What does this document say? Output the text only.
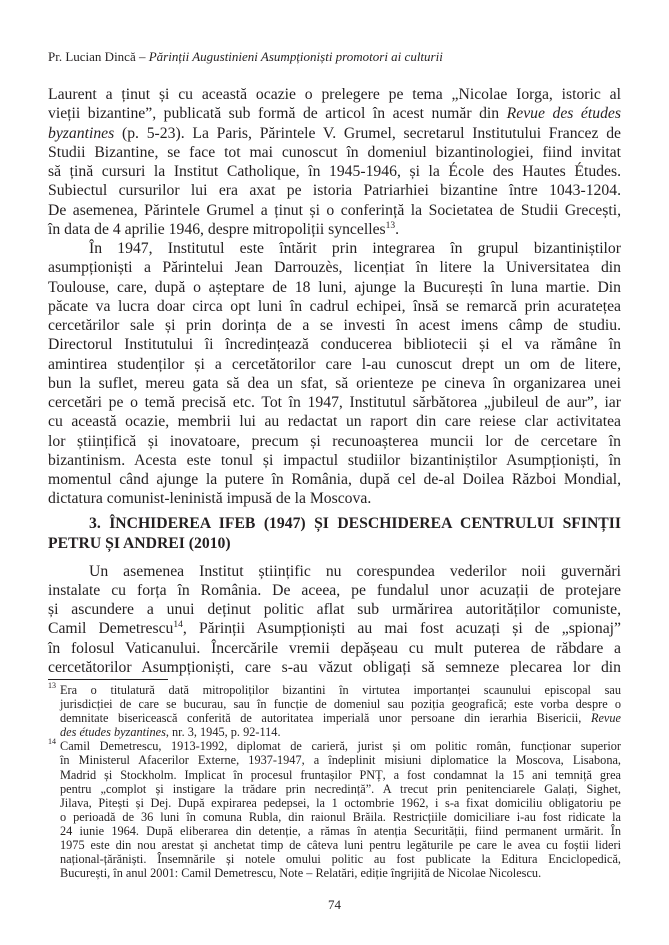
Pr. Lucian Dincă – Părinții Augustinieni Asumpționiști promotori ai culturii
Laurent a ținut și cu această ocazie o prelegere pe tema „Nicolae Iorga, istoric al
vieții bizantine”, publicată sub formă de articol în acest număr din Revue des études
byzantines (p. 5-23). La Paris, Părintele V. Grumel, secretarul Institutului Francez de
Studii Bizantine, se face tot mai cunoscut în domeniul bizantinologiei, fiind invitat
să țină cursuri la Institut Catholique, în 1945-1946, și la École des Hautes Études.
Subiectul cursurilor lui era axat pe istoria Patriarhiei bizantine între 1043-1204.
De asemenea, Părintele Grumel a ținut și o conferință la Societatea de Studii Grecești,
în data de 4 aprilie 1946, despre mitropoliții syncelles$^{13}$.
În 1947, Institutul este întărit prin integrarea în grupul bizantiniștilor
asumpționiști a Părintelui Jean Darrouzès, licențiat în litere la Universitatea din
Toulouse, care, după o așteptare de 18 luni, ajunge la București în luna martie. Din
păcate va lucra doar circa opt luni în cadrul echipei, însă se remarcă prin acuratețea
cercetărilor sale și prin dorința de a se investi în acest imens câmp de studiu.
Directorul Institutului îi încredințează conducerea bibliotecii și el va rămâne în
amintirea studenților și a cercetătorilor care l-au cunoscut drept un om de litere,
bun la suflet, mereu gata să dea un sfat, să orienteze pe cineva în organizarea unei
cercetări pe o temă precisă etc. Tot în 1947, Institutul sărbătorea „jubileul de aur”, iar
cu această ocazie, membrii lui au redactat un raport din care reiese clar activitatea
lor științifică și inovatoare, precum și recunoașterea muncii lor de cercetare în
bizantinism. Acesta este tonul și impactul studiilor bizantiniștilor Asumpționiști, în
momentul când ajunge la putere în România, după cel de-al Doilea Război Mondial,
dictatura comunist-leninistă impusă de la Moscova.
3. ÎNCHIDEREA IFEB (1947) ȘI DESCHIDEREA CENTRULUI SFINȚII
PETRU ȘI ANDREI (2010)
Un asemenea Institut științific nu corespundea vederilor noii guvernări
instalate cu forța în România. De aceea, pe fundalul unor acuzații de protejare
și ascundere a unui deținut politic aflat sub urmărirea autorităților comuniste,
Camil Demetrescu$^{14}$, Părinții Asumpționiști au mai fost acuzați și de „spionaj”
în folosul Vaticanului. Încercările vremii depășeau cu mult puterea de răbdare a
cercetătorilor Asumpționiști, care s-au văzut obligați să semneze plecarea lor din
13 Era o titulatură dată mitropoliților bizantini în virtutea importanței scaunului episcopal sau
jurisdicției de care se bucurau, sau în funcție de domeniul sau poziția geografică; este vorba despre o
demnitate bisericească conferită de autoritatea imperială unor persoane din ierarhia Bisericii, Revue
des études byzantines, nr. 3, 1945, p. 92-114.
14 Camil Demetrescu, 1913-1992, diplomat de carieră, jurist și om politic român, funcționar superior
în Ministerul Afacerilor Externe, 1937-1947, a îndeplinit misiuni diplomatice la Moscova, Lisabona,
Madrid și Stockholm. Implicat în procesul fruntașilor PNȚ, a fost condamnat la 15 ani temniță grea
pentru „complot și instigare la trădare prin necredință”. A trecut prin penitenciarele Galați, Sighet,
Jilava, Pitești și Dej. După expirarea pedepsei, la 1 octombrie 1962, i s-a fixat domiciliu obligatoriu pe
o perioadă de 36 luni în comuna Rubla, din raionul Brăila. Restricțiile domiciliare i-au fost ridicate la
24 iunie 1964. După eliberarea din detenție, a rămas în atenția Securității, fiind permanent urmărit. În
1975 este din nou arestat și anchetat timp de câteva luni pentru legăturile pe care le avea cu foștii lideri
național-țărăniști. Însemnările și notele omului politic au fost publicate la Editura Enciclopedică,
București, în anul 2001: Camil Demetrescu, Note – Relatări, ediție îngrijită de Nicolae Nicolescu.
74
